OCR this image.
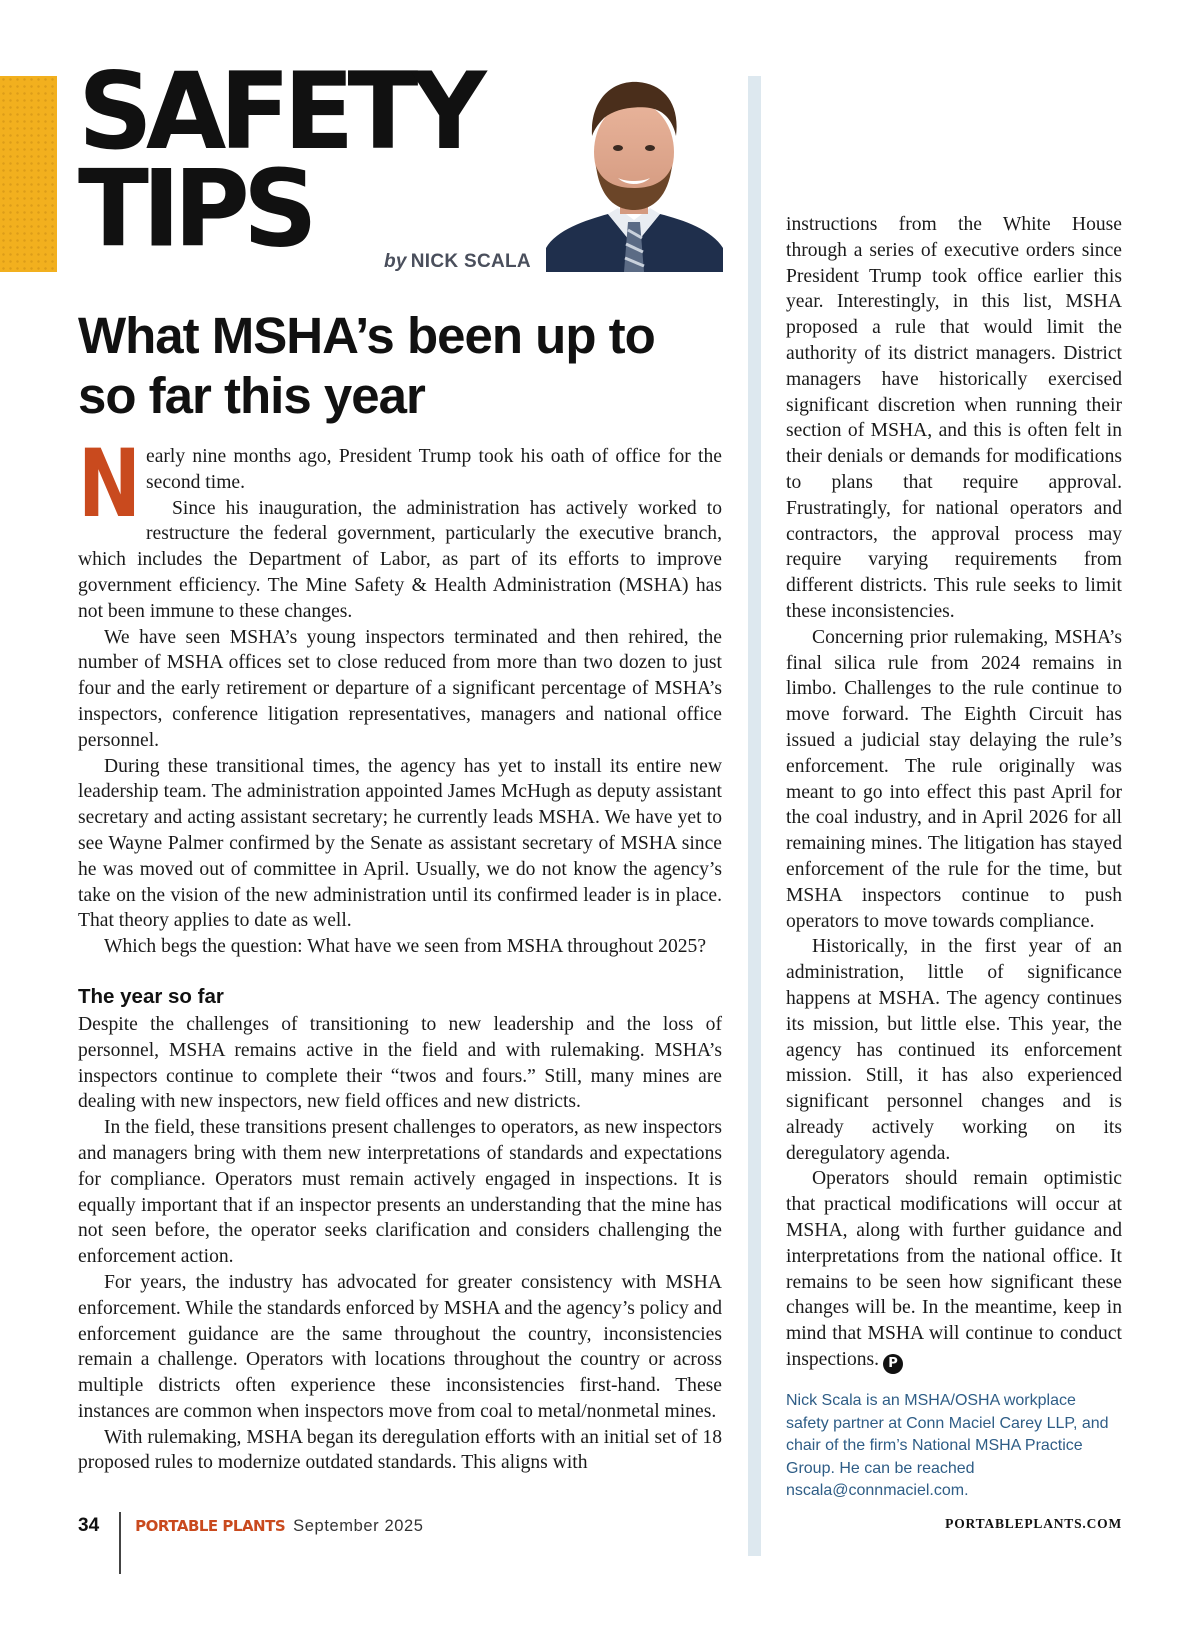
SAFETY
TIPS	by NICK SCALA
What MSHA’s been up to so far this year

Nearly nine months ago, President Trump took his oath of office for the second time.

Since his inauguration, the administration has actively worked to restructure the federal government, particularly the executive branch, which includes the Department of Labor, as part of its efforts to improve government efficiency. The Mine Safety & Health Administration (MSHA) has not been immune to these changes.

We have seen MSHA’s young inspectors terminated and then rehired, the number of MSHA offices set to close reduced from more than two dozen to just four and the early retirement or departure of a significant percentage of MSHA’s inspectors, conference litigation representatives, managers and national office personnel.

During these transitional times, the agency has yet to install its entire new leadership team. The administration appointed James McHugh as deputy assistant secretary and acting assistant secretary; he currently leads MSHA. We have yet to see Wayne Palmer confirmed by the Senate as assistant secretary of MSHA since he was moved out of committee in April. Usually, we do not know the agency’s take on the vision of the new administration until its confirmed leader is in place. That theory applies to date as well.

Which begs the question: What have we seen from MSHA throughout 2025?

The year so far

Despite the challenges of transitioning to new leadership and the loss of personnel, MSHA remains active in the field and with rulemaking. MSHA’s inspectors continue to complete their “twos and fours.” Still, many mines are dealing with new inspectors, new field offices and new districts.

In the field, these transitions present challenges to operators, as new inspectors and managers bring with them new interpretations of standards and expectations for compliance. Operators must remain actively engaged in inspections. It is equally important that if an inspector presents an understanding that the mine has not seen before, the operator seeks clarification and considers challenging the enforcement action.

For years, the industry has advocated for greater consistency with MSHA enforcement. While the standards enforced by MSHA and the agency’s policy and enforcement guidance are the same throughout the country, inconsistencies remain a challenge. Operators with locations throughout the country or across multiple districts often experience these inconsistencies first-hand. These instances are common when inspectors move from coal to metal/nonmetal mines.

With rulemaking, MSHA began its deregulation efforts with an initial set of 18 proposed rules to modernize outdated standards. This aligns with

instructions from the White House through a series of executive orders since President Trump took office earlier this year. Interestingly, in this list, MSHA proposed a rule that would limit the authority of its district managers. District managers have historically exercised significant discretion when running their section of MSHA, and this is often felt in their denials or demands for modifications to plans that require approval. Frustratingly, for national operators and contractors, the approval process may require varying requirements from different districts. This rule seeks to limit these inconsistencies.

Concerning prior rulemaking, MSHA’s final silica rule from 2024 remains in limbo. Challenges to the rule continue to move forward. The Eighth Circuit has issued a judicial stay delaying the rule’s enforcement. The rule originally was meant to go into effect this past April for the coal industry, and in April 2026 for all remaining mines. The litigation has stayed enforcement of the rule for the time, but MSHA inspectors continue to push operators to move towards compliance.

Historically, in the first year of an administration, little of significance happens at MSHA. The agency continues its mission, but little else. This year, the agency has continued its enforcement mission. Still, it has also experienced significant personnel changes and is already actively working on its deregulatory agenda.

Operators should remain optimistic that practical modifications will occur at MSHA, along with further guidance and interpretations from the national office. It remains to be seen how significant these changes will be. In the meantime, keep in mind that MSHA will continue to conduct inspections. P

Nick Scala is an MSHA/OSHA workplace safety partner at Conn Maciel Carey LLP, and chair of the firm’s National MSHA Practice Group. He can be reached nscala@connmaciel.com.

34 PORTABLE PLANTS September 2025	PORTABLEPLANTS.COM
